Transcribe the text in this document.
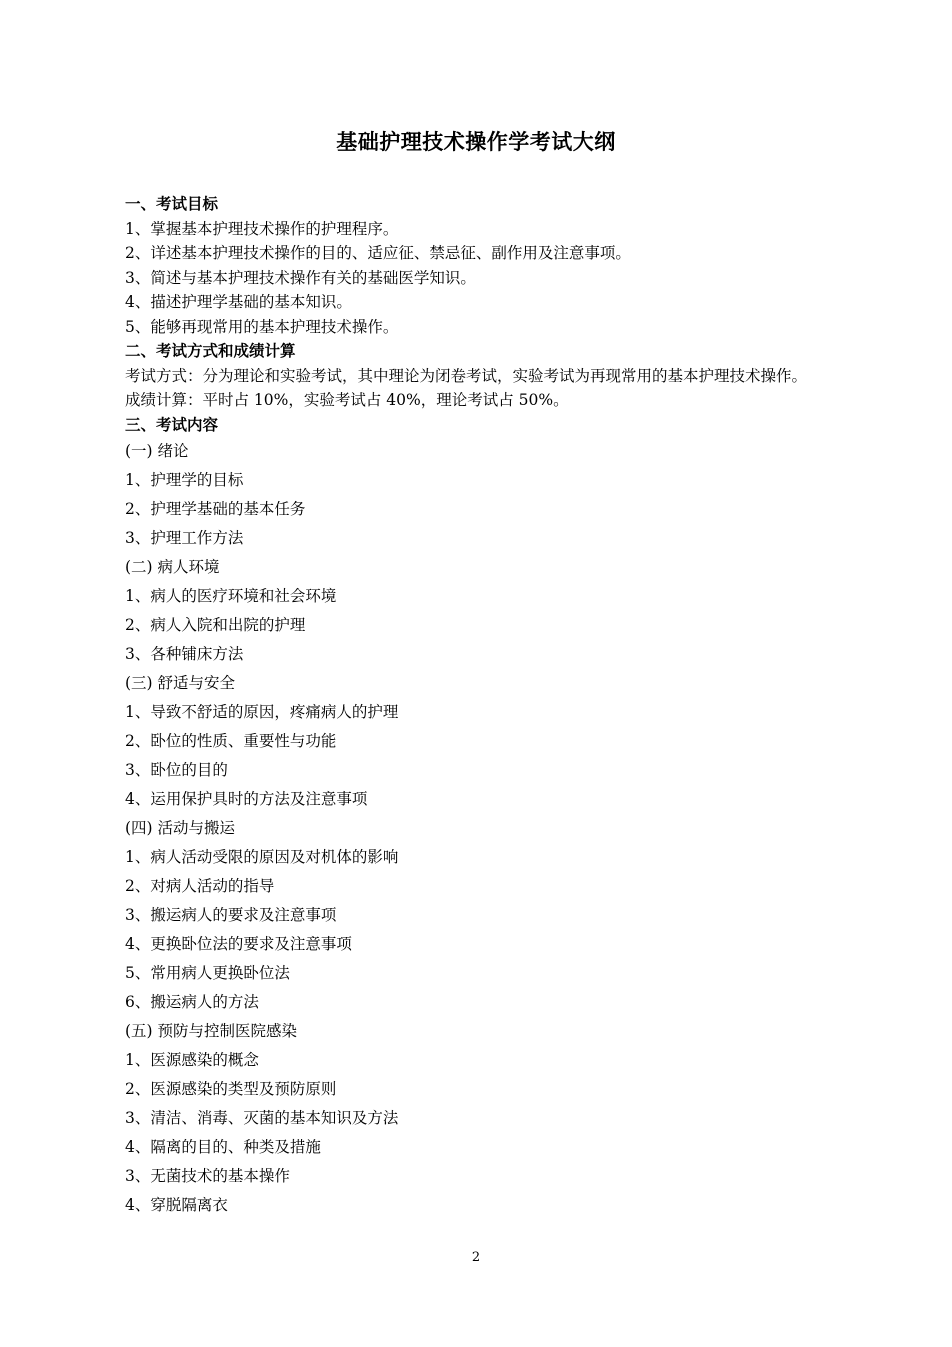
基础护理技术操作学考试大纲

一、考试目标

1、掌握基本护理技术操作的护理程序。

2、详述基本护理技术操作的目的、适应征、禁忌征、副作用及注意事项。

3、简述与基本护理技术操作有关的基础医学知识。

4、描述护理学基础的基本知识。

5、能够再现常用的基本护理技术操作。

二、考试方式和成绩计算

考试方式：分为理论和实验考试，其中理论为闭卷考试，实验考试为再现常用的基本护理技术操作。

成绩计算：平时占 10%，实验考试占 40%，理论考试占 50%。

三、考试内容

(一) 绪论

1、护理学的目标

2、护理学基础的基本任务

3、护理工作方法

(二) 病人环境

1、病人的医疗环境和社会环境

2、病人入院和出院的护理

3、各种铺床方法

(三) 舒适与安全

1、导致不舒适的原因，疼痛病人的护理

2、卧位的性质、重要性与功能

3、卧位的目的

4、运用保护具时的方法及注意事项

(四) 活动与搬运

1、病人活动受限的原因及对机体的影响

2、对病人活动的指导

3、搬运病人的要求及注意事项

4、更换卧位法的要求及注意事项

5、常用病人更换卧位法

6、搬运病人的方法

(五) 预防与控制医院感染

1、医源感染的概念

2、医源感染的类型及预防原则

3、清洁、消毒、灭菌的基本知识及方法

4、隔离的目的、种类及措施

3、无菌技术的基本操作

4、穿脱隔离衣

2
